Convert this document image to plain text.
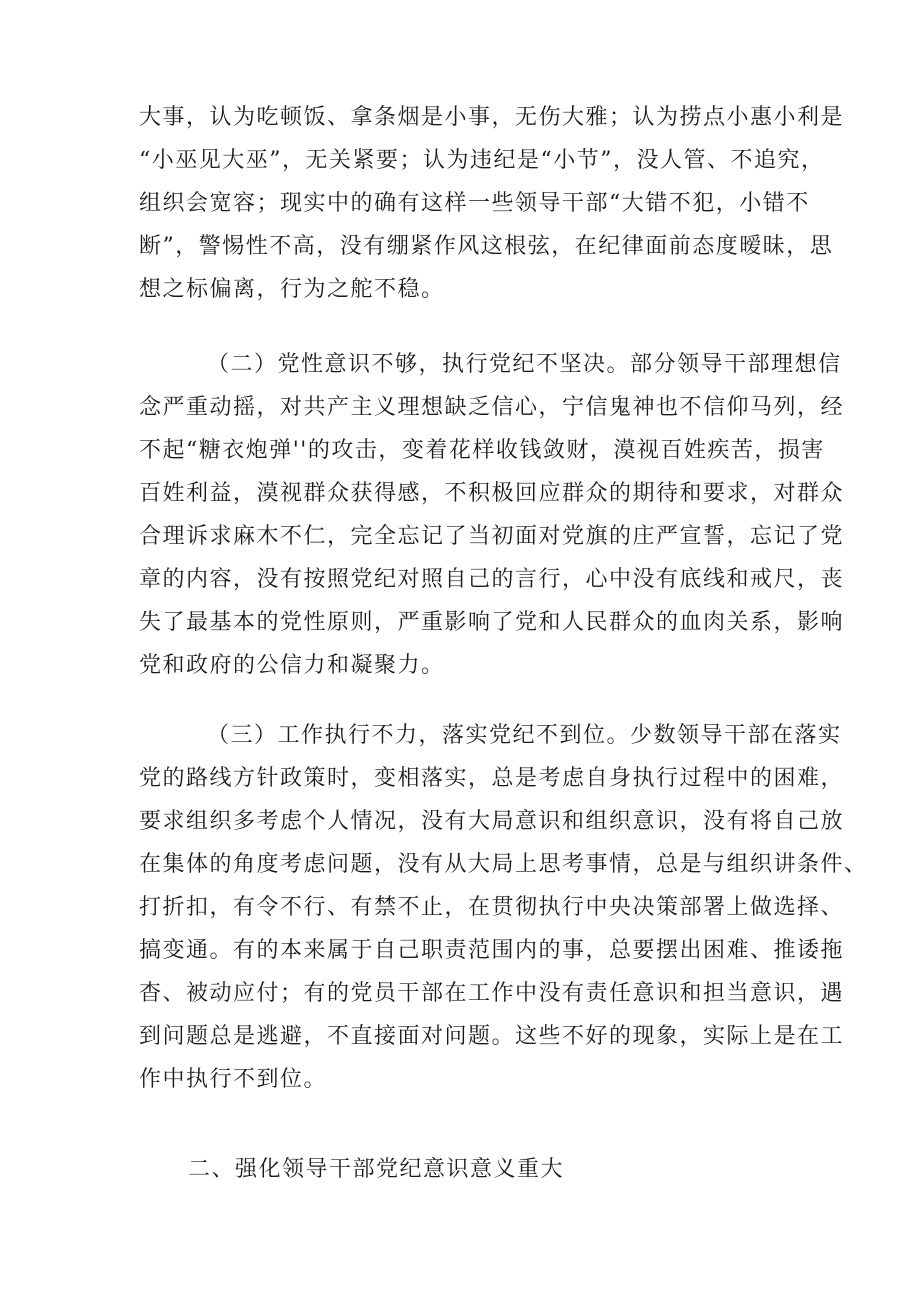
大事，认为吃顿饭、拿条烟是小事，无伤大雅；认为捞点小惠小利是
“小巫见大巫”，无关紧要；认为违纪是“小节”，没人管、不追究，
组织会宽容；现实中的确有这样一些领导干部“大错不犯，小错不
断”，警惕性不高，没有绷紧作风这根弦，在纪律面前态度暧昧，思
想之标偏离，行为之舵不稳。
（二）党性意识不够，执行党纪不坚决。部分领导干部理想信
念严重动摇，对共产主义理想缺乏信心，宁信鬼神也不信仰马列，经
不起“糖衣炮弹''的攻击，变着花样收钱敛财，漠视百姓疾苦，损害
百姓利益，漠视群众获得感，不积极回应群众的期待和要求，对群众
合理诉求麻木不仁，完全忘记了当初面对党旗的庄严宣誓，忘记了党
章的内容，没有按照党纪对照自己的言行，心中没有底线和戒尺，丧
失了最基本的党性原则，严重影响了党和人民群众的血肉关系，影响
党和政府的公信力和凝聚力。
（三）工作执行不力，落实党纪不到位。少数领导干部在落实
党的路线方针政策时，变相落实，总是考虑自身执行过程中的困难，
要求组织多考虑个人情况，没有大局意识和组织意识，没有将自己放
在集体的角度考虑问题，没有从大局上思考事情，总是与组织讲条件、
打折扣，有令不行、有禁不止，在贯彻执行中央决策部署上做选择、
搞变通。有的本来属于自己职责范围内的事，总要摆出困难、推诿拖
杳、被动应付；有的党员干部在工作中没有责任意识和担当意识，遇
到问题总是逃避，不直接面对问题。这些不好的现象，实际上是在工
作中执行不到位。
二、强化领导干部党纪意识意义重大
